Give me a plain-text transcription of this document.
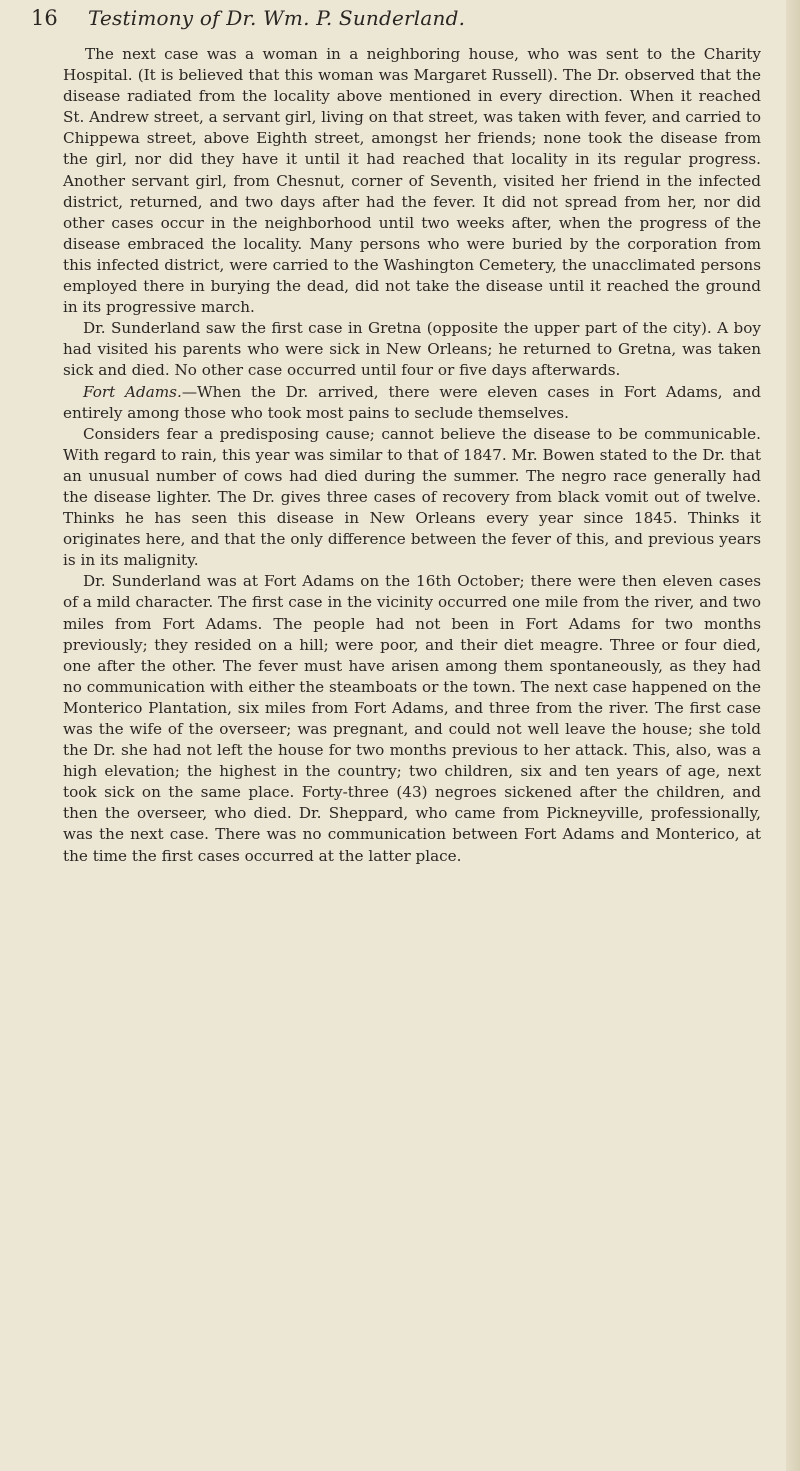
16 Testimony of Dr. Wm. P. Sunderland.

The next case was a woman in a neighboring house, who was sent to the Charity Hospital. (It is believed that this woman was Margaret Russell). The Dr. observed that the disease radiated from the locality above mentioned in every direction. When it reached St. Andrew street, a servant girl, living on that street, was taken with fever, and carried to Chippewa street, above Eighth street, amongst her friends; none took the disease from the girl, nor did they have it until it had reached that locality in its regular progress. Another servant girl, from Chesnut, corner of Seventh, visited her friend in the infected district, returned, and two days after had the fever. It did not spread from her, nor did other cases occur in the neighborhood until two weeks after, when the progress of the disease embraced the locality. Many persons who were buried by the corporation from this infected district, were carried to the Washington Cemetery, the unacclimated persons employed there in burying the dead, did not take the disease until it reached the ground in its progressive march.

Dr. Sunderland saw the first case in Gretna (opposite the upper part of the city). A boy had visited his parents who were sick in New Orleans; he returned to Gretna, was taken sick and died. No other case occurred until four or five days afterwards.

Fort Adams.—When the Dr. arrived, there were eleven cases in Fort Adams, and entirely among those who took most pains to seclude themselves.

Considers fear a predisposing cause; cannot believe the disease to be communicable. With regard to rain, this year was similar to that of 1847. Mr. Bowen stated to the Dr. that an unusual number of cows had died during the summer. The negro race generally had the disease lighter. The Dr. gives three cases of recovery from black vomit out of twelve. Thinks he has seen this disease in New Orleans every year since 1845. Thinks it originates here, and that the only difference between the fever of this, and previous years is in its malignity.

Dr. Sunderland was at Fort Adams on the 16th October; there were then eleven cases of a mild character. The first case in the vicinity occurred one mile from the river, and two miles from Fort Adams. The people had not been in Fort Adams for two months previously; they resided on a hill; were poor, and their diet meagre. Three or four died, one after the other. The fever must have arisen among them spontaneously, as they had no communication with either the steamboats or the town. The next case happened on the Monterico Plantation, six miles from Fort Adams, and three from the river. The first case was the wife of the overseer; was pregnant, and could not well leave the house; she told the Dr. she had not left the house for two months previous to her attack. This, also, was a high elevation; the highest in the country; two children, six and ten years of age, next took sick on the same place. Forty-three (43) negroes sickened after the children, and then the overseer, who died. Dr. Sheppard, who came from Pickneyville, professionally, was the next case. There was no communication between Fort Adams and Monterico, at the time the first cases occurred at the latter place.
